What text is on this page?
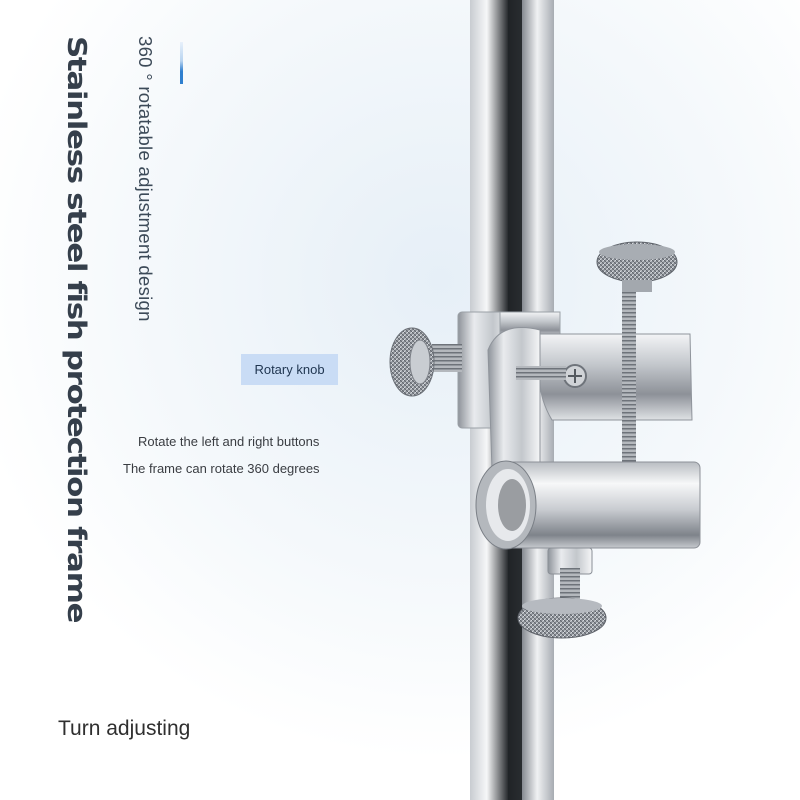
Stainless steel fish protection frame 360 ° rotatable adjustment design
Rotary knob
Rotate the left and right buttons
The frame can rotate 360 degrees
Turn adjusting
